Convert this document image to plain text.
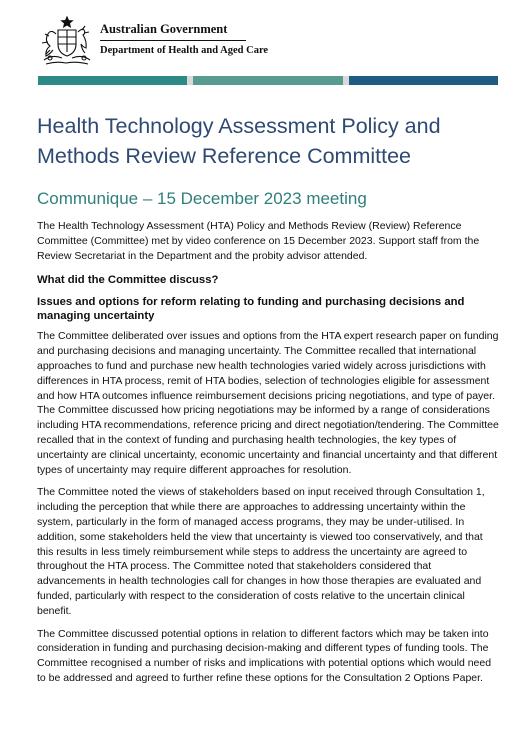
Australian Government
Department of Health and Aged Care
Health Technology Assessment Policy and Methods Review Reference Committee
Communique – 15 December 2023 meeting

The Health Technology Assessment (HTA) Policy and Methods Review (Review) Reference Committee (Committee) met by video conference on 15 December 2023. Support staff from the Review Secretariat in the Department and the probity advisor attended.

What did the Committee discuss?
Issues and options for reform relating to funding and purchasing decisions and managing uncertainty

The Committee deliberated over issues and options from the HTA expert research paper on funding and purchasing decisions and managing uncertainty. The Committee recalled that international approaches to fund and purchase new health technologies varied widely across jurisdictions with differences in HTA process, remit of HTA bodies, selection of technologies eligible for assessment and how HTA outcomes influence reimbursement decisions pricing negotiations, and type of payer. The Committee discussed how pricing negotiations may be informed by a range of considerations including HTA recommendations, reference pricing and direct negotiation/tendering. The Committee recalled that in the context of funding and purchasing health technologies, the key types of uncertainty are clinical uncertainty, economic uncertainty and financial uncertainty and that different types of uncertainty may require different approaches for resolution.

The Committee noted the views of stakeholders based on input received through Consultation 1, including the perception that while there are approaches to addressing uncertainty within the system, particularly in the form of managed access programs, they may be under-utilised. In addition, some stakeholders held the view that uncertainty is viewed too conservatively, and that this results in less timely reimbursement while steps to address the uncertainty are agreed to throughout the HTA process. The Committee noted that stakeholders considered that advancements in health technologies call for changes in how those therapies are evaluated and funded, particularly with respect to the consideration of costs relative to the uncertain clinical benefit.

The Committee discussed potential options in relation to different factors which may be taken into consideration in funding and purchasing decision-making and different types of funding tools. The Committee recognised a number of risks and implications with potential options which would need to be addressed and agreed to further refine these options for the Consultation 2 Options Paper.
